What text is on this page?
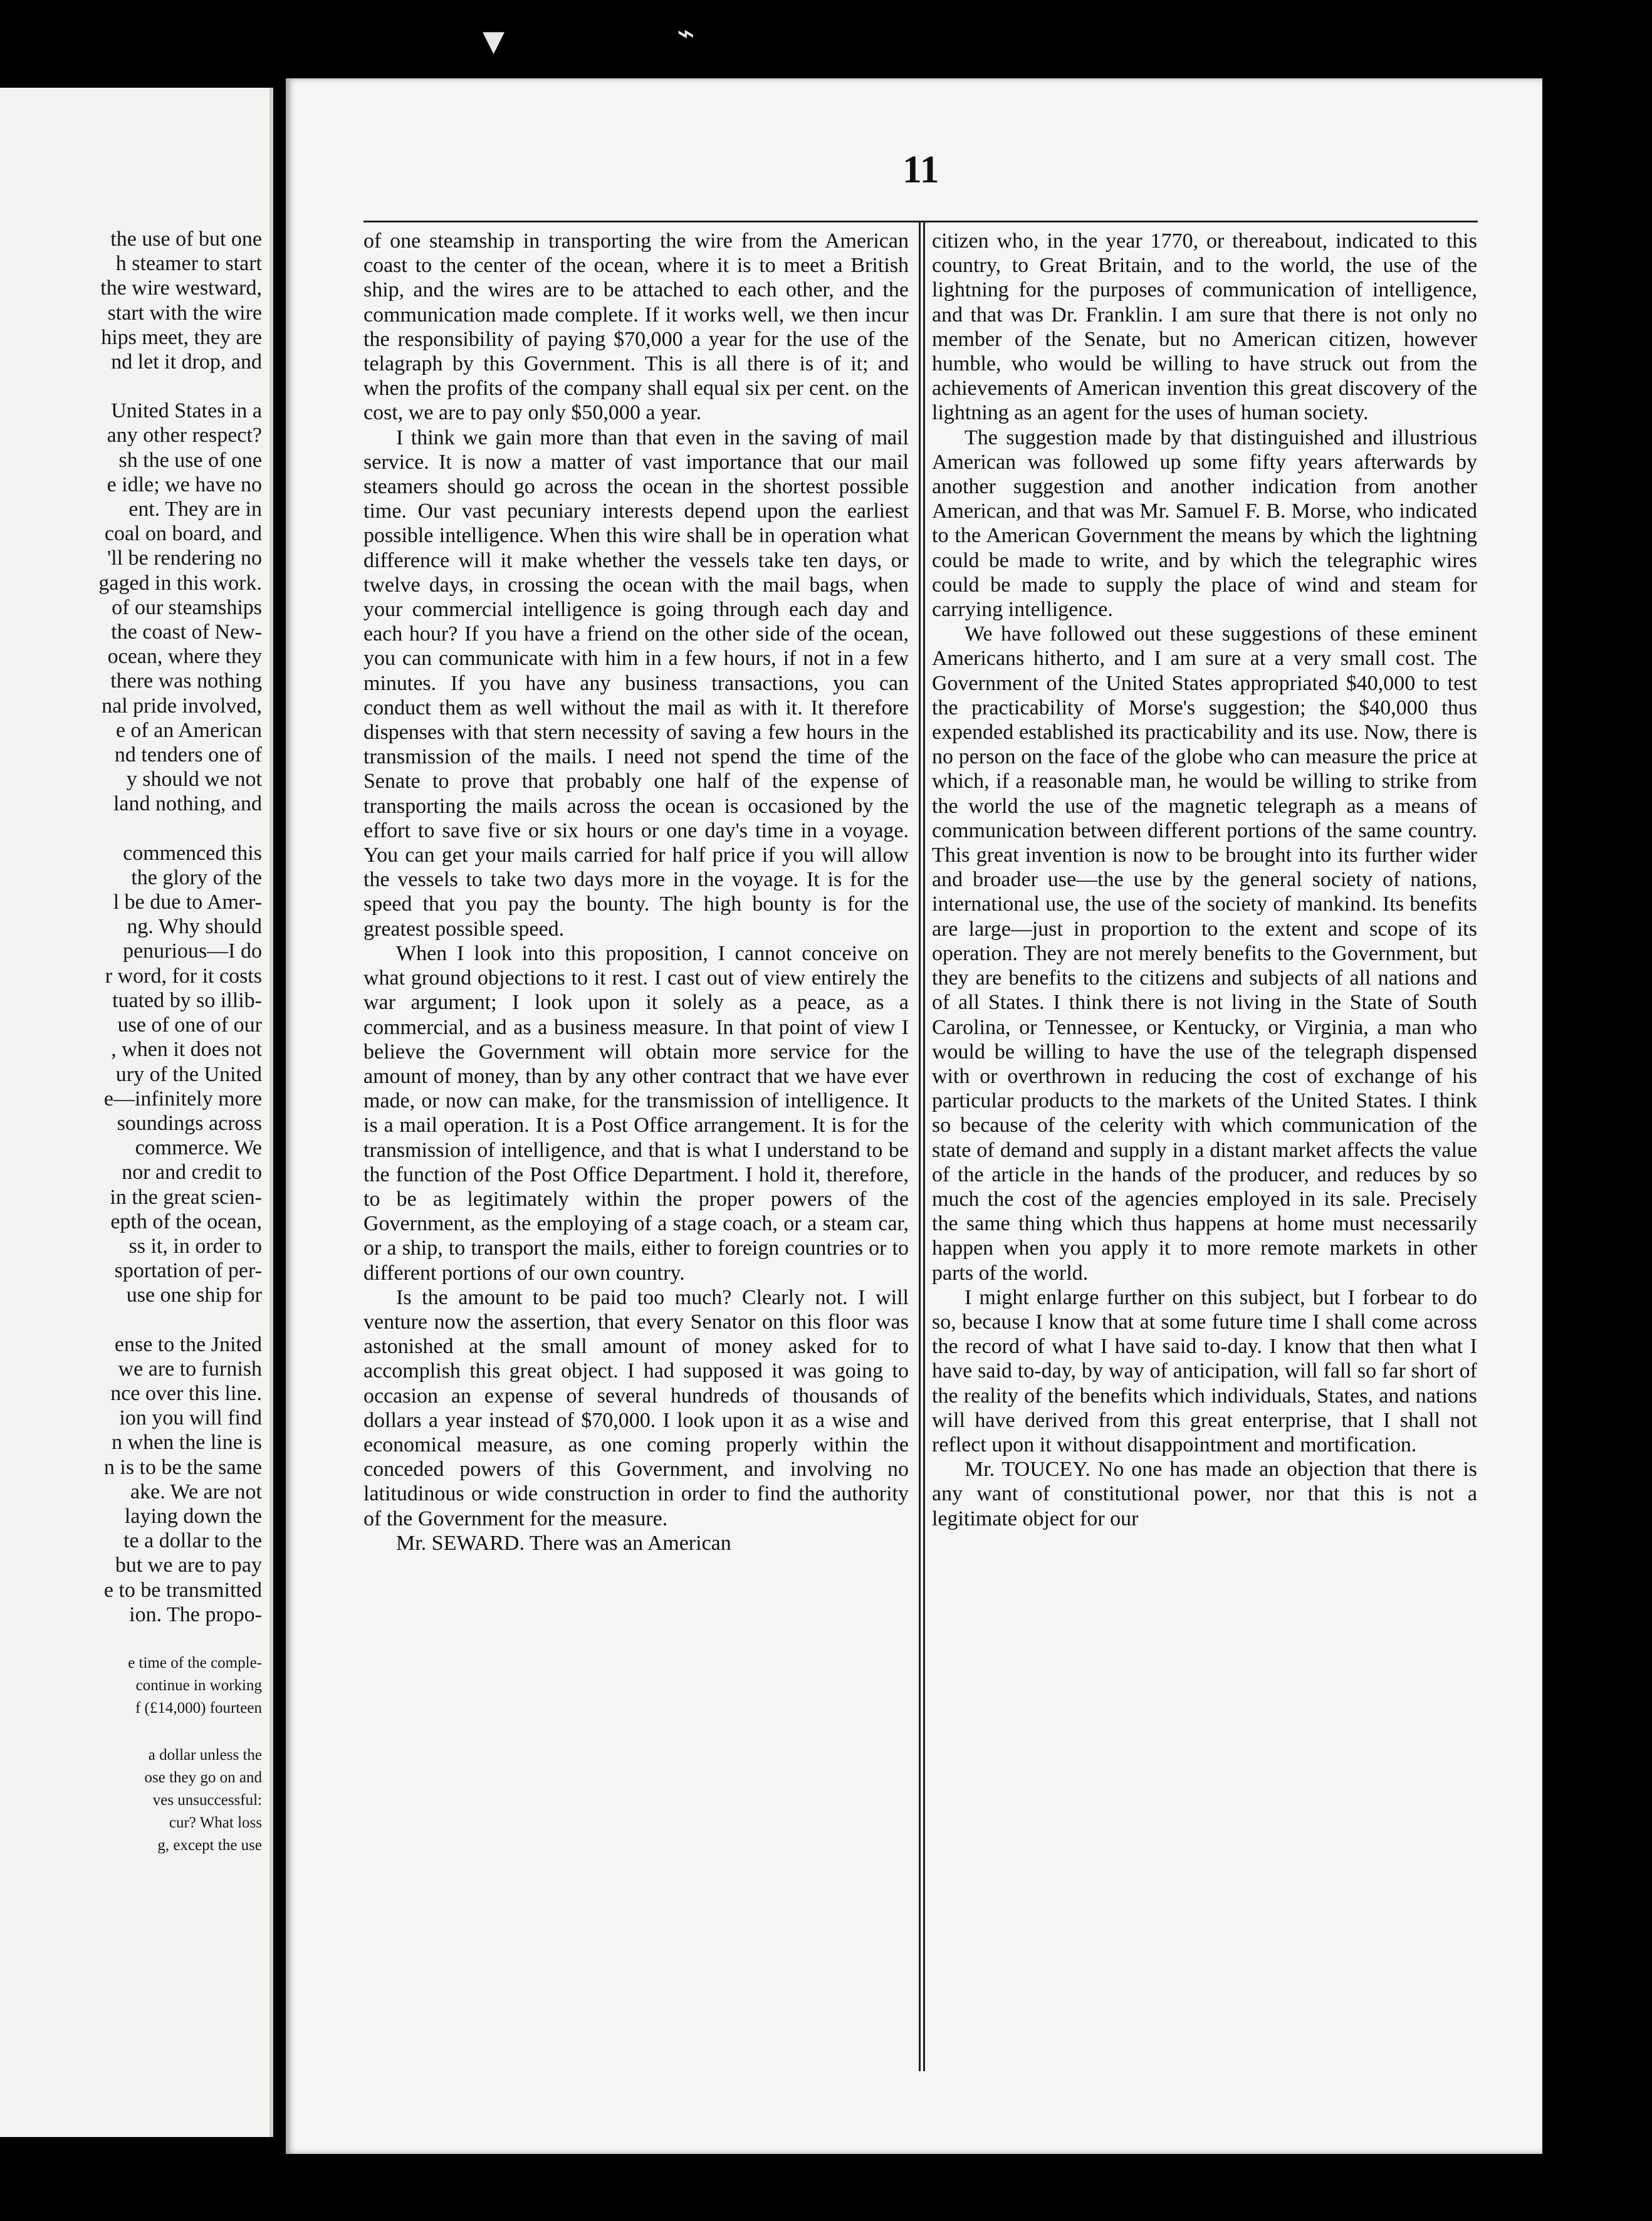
the use of but one
h steamer to start
the wire westward,
start with the wire
hips meet, they are
nd let it drop, and
United States in a
any other respect?
sh the use of one
e idle; we have no
ent. They are in
coal on board, and
'll be rendering no
gaged in this work.
of our steamships
the coast of New-
ocean, where they
there was nothing
nal pride involved,
e of an American
nd tenders one of
y should we not
land nothing, and
commenced this
the glory of the
l be due to Amer-
ng. Why should
penurious—I do
r word, for it costs
tuated by so illib-
use of one of our
, when it does not
ury of the United
e—infinitely more
soundings across
commerce. We
nor and credit to
in the great scien-
epth of the ocean,
ss it, in order to
sportation of per-
use one ship for
ense to the Jnited
we are to furnish
nce over this line.
ion you will find
n when the line is
n is to be the same
ake. We are not
laying down the
te a dollar to the
but we are to pay
e to be transmitted
ion. The propo-
e time of the comple-
continue in working
f (£14,000) fourteen
a dollar unless the
ose they go on and
ves unsuccessful:
cur? What loss
g, except the use
▾	⌁
11

of one steamship in transporting the wire from the American coast to the center of the ocean, where it is to meet a British ship, and the wires are to be attached to each other, and the communication made complete. If it works well, we then incur the responsibility of paying $70,000 a year for the use of the telagraph by this Government. This is all there is of it; and when the profits of the company shall equal six per cent. on the cost, we are to pay only $50,000 a year.

I think we gain more than that even in the saving of mail service. It is now a matter of vast importance that our mail steamers should go across the ocean in the shortest possible time. Our vast pecuniary interests depend upon the earliest possible intelligence. When this wire shall be in operation what difference will it make whether the vessels take ten days, or twelve days, in crossing the ocean with the mail bags, when your commercial intelligence is going through each day and each hour? If you have a friend on the other side of the ocean, you can communicate with him in a few hours, if not in a few minutes. If you have any business transactions, you can conduct them as well without the mail as with it. It therefore dispenses with that stern necessity of saving a few hours in the transmission of the mails. I need not spend the time of the Senate to prove that probably one half of the expense of transporting the mails across the ocean is occasioned by the effort to save five or six hours or one day's time in a voyage. You can get your mails carried for half price if you will allow the vessels to take two days more in the voyage. It is for the speed that you pay the bounty. The high bounty is for the greatest possible speed.

When I look into this proposition, I cannot conceive on what ground objections to it rest. I cast out of view entirely the war argument; I look upon it solely as a peace, as a commercial, and as a business measure. In that point of view I believe the Government will obtain more service for the amount of money, than by any other contract that we have ever made, or now can make, for the transmission of intelligence. It is a mail operation. It is a Post Office arrangement. It is for the transmission of intelligence, and that is what I understand to be the function of the Post Office Department. I hold it, therefore, to be as legitimately within the proper powers of the Government, as the employing of a stage coach, or a steam car, or a ship, to transport the mails, either to foreign countries or to different portions of our own country.

Is the amount to be paid too much? Clearly not. I will venture now the assertion, that every Senator on this floor was astonished at the small amount of money asked for to accomplish this great object. I had supposed it was going to occasion an expense of several hundreds of thousands of dollars a year instead of $70,000. I look upon it as a wise and economical measure, as one coming properly within the conceded powers of this Government, and involving no latitudinous or wide construction in order to find the authority of the Government for the measure.

Mr. SEWARD. There was an American

citizen who, in the year 1770, or thereabout, indicated to this country, to Great Britain, and to the world, the use of the lightning for the purposes of communication of intelligence, and that was Dr. Franklin. I am sure that there is not only no member of the Senate, but no American citizen, however humble, who would be willing to have struck out from the achievements of American invention this great discovery of the lightning as an agent for the uses of human society.

The suggestion made by that distinguished and illustrious American was followed up some fifty years afterwards by another suggestion and another indication from another American, and that was Mr. Samuel F. B. Morse, who indicated to the American Government the means by which the lightning could be made to write, and by which the telegraphic wires could be made to supply the place of wind and steam for carrying intelligence.

We have followed out these suggestions of these eminent Americans hitherto, and I am sure at a very small cost. The Government of the United States appropriated $40,000 to test the practicability of Morse's suggestion; the $40,000 thus expended established its practicability and its use. Now, there is no person on the face of the globe who can measure the price at which, if a reasonable man, he would be willing to strike from the world the use of the magnetic telegraph as a means of communication between different portions of the same country. This great invention is now to be brought into its further wider and broader use—the use by the general society of nations, international use, the use of the society of mankind. Its benefits are large—just in proportion to the extent and scope of its operation. They are not merely benefits to the Government, but they are benefits to the citizens and subjects of all nations and of all States. I think there is not living in the State of South Carolina, or Tennessee, or Kentucky, or Virginia, a man who would be willing to have the use of the telegraph dispensed with or overthrown in reducing the cost of exchange of his particular products to the markets of the United States. I think so because of the celerity with which communication of the state of demand and supply in a distant market affects the value of the article in the hands of the producer, and reduces by so much the cost of the agencies employed in its sale. Precisely the same thing which thus happens at home must necessarily happen when you apply it to more remote markets in other parts of the world.

I might enlarge further on this subject, but I forbear to do so, because I know that at some future time I shall come across the record of what I have said to-day. I know that then what I have said to-day, by way of anticipation, will fall so far short of the reality of the benefits which individuals, States, and nations will have derived from this great enterprise, that I shall not reflect upon it without disappointment and mortification.

Mr. TOUCEY. No one has made an objection that there is any want of constitutional power, nor that this is not a legitimate object for our
